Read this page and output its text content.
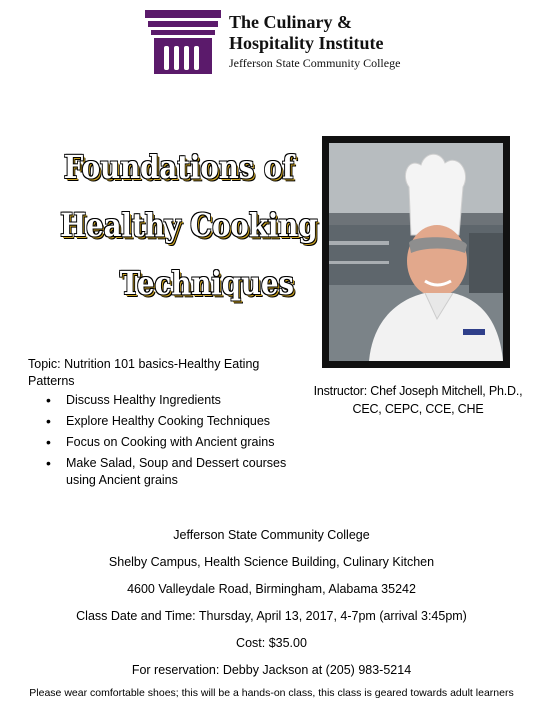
The Culinary &
Hospitality Institute
Jefferson State Community College
Foundations of
Healthy Cooking
Techniques
Instructor: Chef Joseph Mitchell, Ph.D.,
CEC, CEPC, CCE, CHE
Topic: Nutrition 101 basics-Healthy Eating Patterns
• Discuss Healthy Ingredients
• Explore Healthy Cooking Techniques
• Focus on Cooking with Ancient grains
• Make Salad, Soup and Dessert courses using Ancient grains
Jefferson State Community College
Shelby Campus, Health Science Building, Culinary Kitchen
4600 Valleydale Road, Birmingham, Alabama 35242
Class Date and Time: Thursday, April 13, 2017, 4-7pm (arrival 3:45pm)
Cost: $35.00
For reservation: Debby Jackson at (205) 983-5214
Please wear comfortable shoes; this will be a hands-on class, this class is geared towards adult learners
